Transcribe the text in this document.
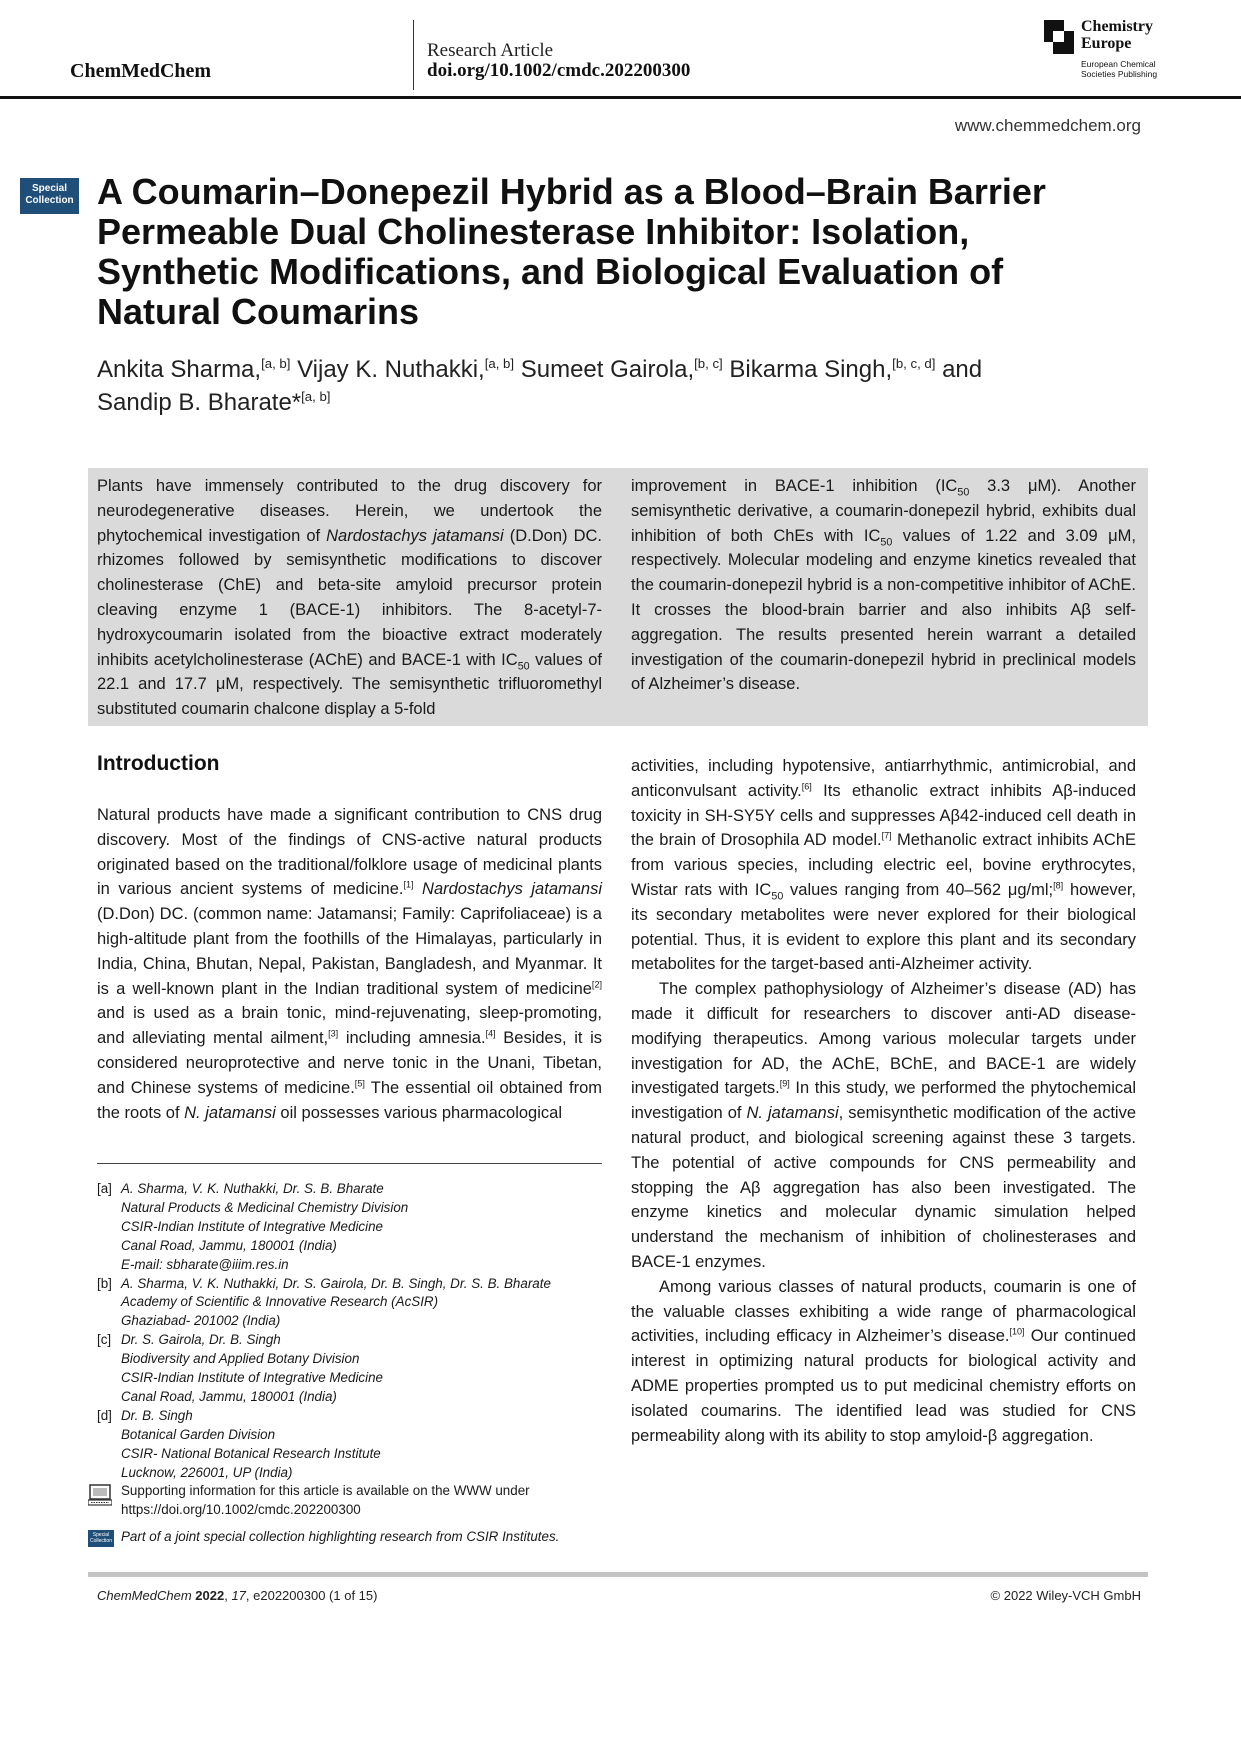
ChemMedChem
Research Article
doi.org/10.1002/cmdc.202200300
Chemistry
Europe
European Chemical
Societies Publishing
www.chemmedchem.org
Special
Collection A Coumarin–Donepezil Hybrid as a Blood–Brain Barrier Permeable Dual Cholinesterase Inhibitor: Isolation, Synthetic Modifications, and Biological Evaluation of Natural Coumarins
Ankita Sharma,[a, b] Vijay K. Nuthakki,[a, b] Sumeet Gairola,[b, c] Bikarma Singh,[b, c, d] and
Sandip B. Bharate*[a, b]
Plants have immensely contributed to the drug discovery for neurodegenerative diseases. Herein, we undertook the phytochemical investigation of Nardostachys jatamansi (D.Don) DC. rhizomes followed by semisynthetic modifications to discover cholinesterase (ChE) and beta-site amyloid precursor protein cleaving enzyme 1 (BACE-1) inhibitors. The 8-acetyl-7-hydroxycoumarin isolated from the bioactive extract moderately inhibits acetylcholinesterase (AChE) and BACE-1 with $IC_{50}$ values of 22.1 and 17.7 μM, respectively. The semisynthetic trifluoromethyl substituted coumarin chalcone display a 5-fold
improvement in BACE-1 inhibition ($IC_{50}$ 3.3 μM). Another semisynthetic derivative, a coumarin-donepezil hybrid, exhibits dual inhibition of both ChEs with $IC_{50}$ values of 1.22 and 3.09 μM, respectively. Molecular modeling and enzyme kinetics revealed that the coumarin-donepezil hybrid is a non-competitive inhibitor of AChE. It crosses the blood-brain barrier and also inhibits Aβ self-aggregation. The results presented herein warrant a detailed investigation of the coumarin-donepezil hybrid in preclinical models of Alzheimer’s disease.
Introduction

Natural products have made a significant contribution to CNS drug discovery. Most of the findings of CNS-active natural products originated based on the traditional/folklore usage of medicinal plants in various ancient systems of medicine.[1] Nardostachys jatamansi (D.Don) DC. (common name: Jatamansi; Family: Caprifoliaceae) is a high-altitude plant from the foothills of the Himalayas, particularly in India, China, Bhutan, Nepal, Pakistan, Bangladesh, and Myanmar. It is a well-known plant in the Indian traditional system of medicine[2] and is used as a brain tonic, mind-rejuvenating, sleep-promoting, and alleviating mental ailment,[3] including amnesia.[4] Besides, it is considered neuroprotective and nerve tonic in the Unani, Tibetan, and Chinese systems of medicine.[5] The essential oil obtained from the roots of N. jatamansi oil possesses various pharmacological

activities, including hypotensive, antiarrhythmic, antimicrobial, and anticonvulsant activity.[6] Its ethanolic extract inhibits Aβ-induced toxicity in SH-SY5Y cells and suppresses Aβ42-induced cell death in the brain of Drosophila AD model.[7] Methanolic extract inhibits AChE from various species, including electric eel, bovine erythrocytes, Wistar rats with $IC_{50}$ values ranging from 40–562 μg/ml;[8] however, its secondary metabolites were never explored for their biological potential. Thus, it is evident to explore this plant and its secondary metabolites for the target-based anti-Alzheimer activity.

The complex pathophysiology of Alzheimer’s disease (AD) has made it difficult for researchers to discover anti-AD disease-modifying therapeutics. Among various molecular targets under investigation for AD, the AChE, BChE, and BACE-1 are widely investigated targets.[9] In this study, we performed the phytochemical investigation of N. jatamansi, semisynthetic modification of the active natural product, and biological screening against these 3 targets. The potential of active compounds for CNS permeability and stopping the Aβ aggregation has also been investigated. The enzyme kinetics and molecular dynamic simulation helped understand the mechanism of inhibition of cholinesterases and BACE-1 enzymes.

Among various classes of natural products, coumarin is one of the valuable classes exhibiting a wide range of pharmacological activities, including efficacy in Alzheimer’s disease.[10] Our continued interest in optimizing natural products for biological activity and ADME properties prompted us to put medicinal chemistry efforts on isolated coumarins. The identified lead was studied for CNS permeability along with its ability to stop amyloid-β aggregation.

[a] A. Sharma, V. K. Nuthakki, Dr. S. B. Bharate
Natural Products & Medicinal Chemistry Division
CSIR-Indian Institute of Integrative Medicine
Canal Road, Jammu, 180001 (India)
E-mail: sbharate@iiim.res.in
[b] A. Sharma, V. K. Nuthakki, Dr. S. Gairola, Dr. B. Singh, Dr. S. B. Bharate
Academy of Scientific & Innovative Research (AcSIR)
Ghaziabad- 201002 (India)
[c] Dr. S. Gairola, Dr. B. Singh
Biodiversity and Applied Botany Division
CSIR-Indian Institute of Integrative Medicine
Canal Road, Jammu, 180001 (India)
[d] Dr. B. Singh
Botanical Garden Division
CSIR- National Botanical Research Institute
Lucknow, 226001, UP (India)
Supporting information for this article is available on the WWW under https://doi.org/10.1002/cmdc.202200300
Special
Collection Part of a joint special collection highlighting research from CSIR Institutes.
ChemMedChem 2022, 17, e202200300 (1 of 15)	© 2022 Wiley-VCH GmbH
